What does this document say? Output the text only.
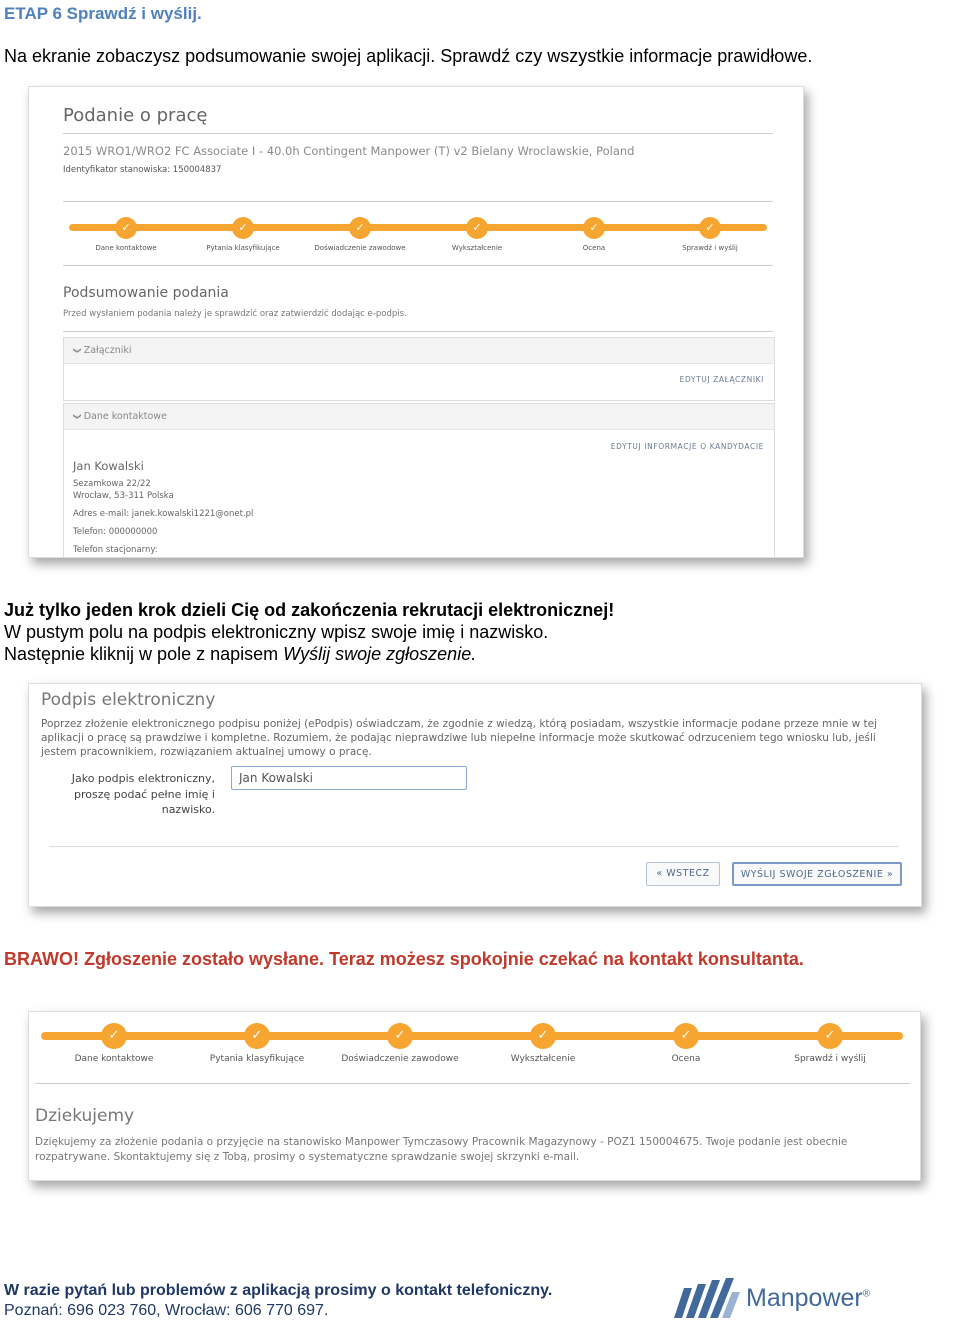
ETAP 6 Sprawdź i wyślij.
Na ekranie zobaczysz podsumowanie swojej aplikacji. Sprawdź czy wszystkie informacje prawidłowe.
Podanie o pracę
2015 WRO1/WRO2 FC Associate I - 40.0h Contingent Manpower (T) v2 Bielany Wroclawskie, Poland
Identyfikator stanowiska: 150004837
✓	✓	✓	✓	✓	✓
Dane kontaktowe	Pytania klasyfikujące	Doświadczenie zawodowe	Wykształcenie	Ocena	Sprawdź i wyślij
Podsumowanie podania
Przed wysłaniem podania należy je sprawdzić oraz zatwierdzić dodając e-podpis.
❯ Załączniki
EDYTUJ ZAŁĄCZNIKI
❯ Dane kontaktowe
EDYTUJ INFORMACJE O KANDYDACIE
Jan Kowalski
Sezamkowa 22/22
Wrocław, 53-311 Polska
Adres e-mail: janek.kowalski1221@onet.pl
Telefon: 000000000
Telefon stacjonarny:
Już tylko jeden krok dzieli Cię od zakończenia rekrutacji elektronicznej!
W pustym polu na podpis elektroniczny wpisz swoje imię i nazwisko.
Następnie kliknij w pole z napisem Wyślij swoje zgłoszenie.
Podpis elektroniczny
Poprzez złożenie elektronicznego podpisu poniżej (ePodpis) oświadczam, że zgodnie z wiedzą, którą posiadam, wszystkie informacje podane przeze mnie w tej aplikacji o pracę są prawdziwe i kompletne. Rozumiem, że podając nieprawdziwe lub niepełne informacje może skutkować odrzuceniem tego wniosku lub, jeśli jestem pracownikiem, rozwiązaniem aktualnej umowy o pracę.
Jako podpis elektroniczny, proszę podać pełne imię i nazwisko.
Jan Kowalski
« WSTECZ	WYŚLIJ SWOJE ZGŁOSZENIE »
BRAWO! Zgłoszenie zostało wysłane. Teraz możesz spokojnie czekać na kontakt konsultanta.
✓	✓	✓	✓	✓	✓
Dane kontaktowe	Pytania klasyfikujące	Doświadczenie zawodowe	Wykształcenie	Ocena	Sprawdź i wyślij
Dziekujemy
Dziękujemy za złożenie podania o przyjęcie na stanowisko Manpower Tymczasowy Pracownik Magazynowy - POZ1 150004675. Twoje podanie jest obecnie rozpatrywane. Skontaktujemy się z Tobą, prosimy o systematyczne sprawdzanie swojej skrzynki e-mail.
W razie pytań lub problemów z aplikacją prosimy o kontakt telefoniczny.
Poznań: 696 023 760, Wrocław: 606 770 697.	Manpower®
